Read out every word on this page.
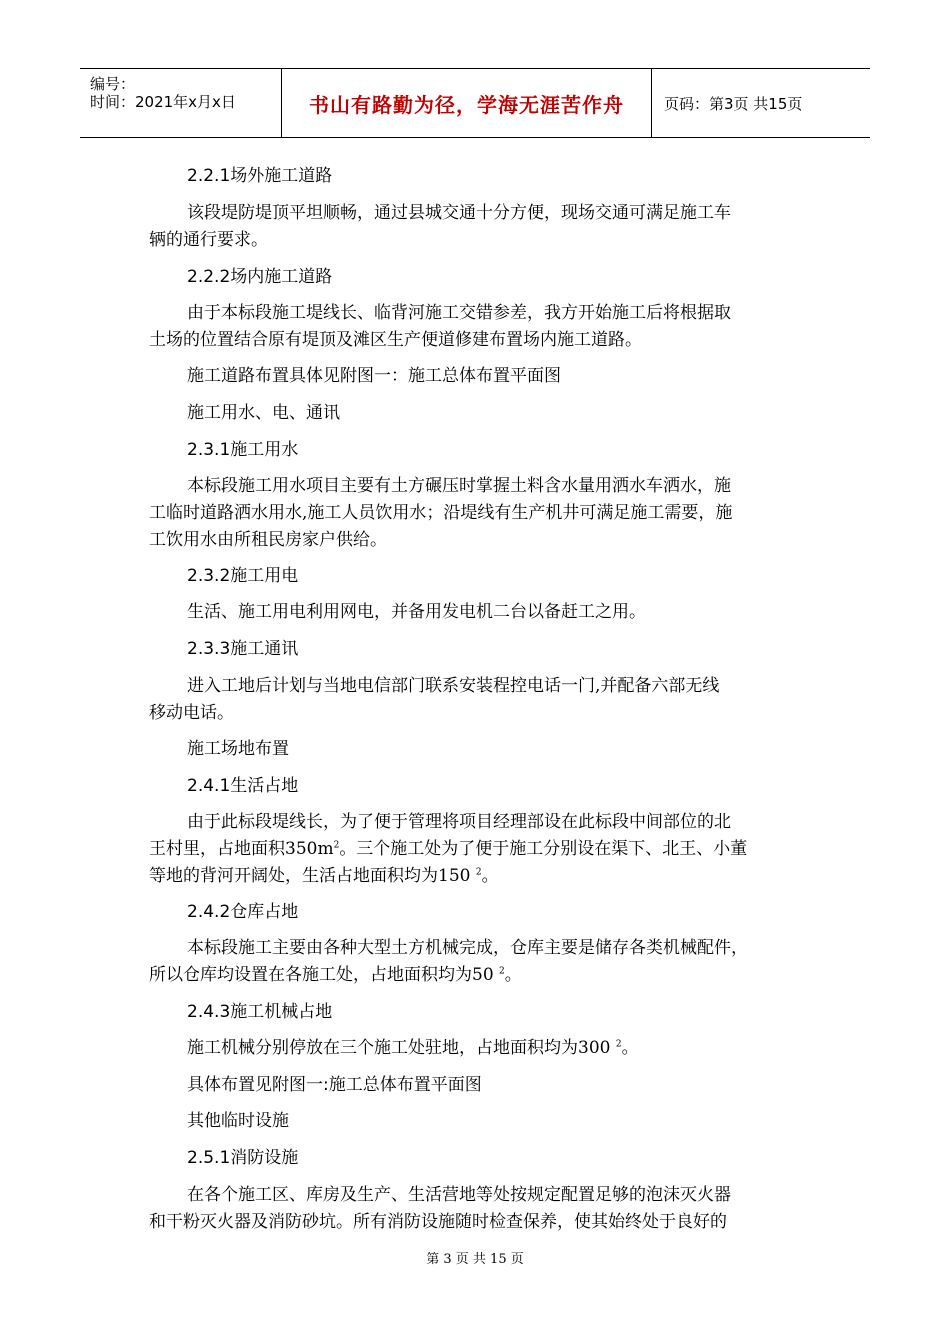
编号：
时间：2021年x月x日	书山有路勤为径，学海无涯苦作舟	页码：第3页 共15页
2.2.1场外施工道路
该段堤防堤顶平坦顺畅，通过县城交通十分方便，现场交通可满足施工车
辆的通行要求。
2.2.2场内施工道路
由于本标段施工堤线长、临背河施工交错参差，我方开始施工后将根据取
土场的位置结合原有堤顶及滩区生产便道修建布置场内施工道路。
施工道路布置具体见附图一：施工总体布置平面图
施工用水、电、通讯
2.3.1施工用水
本标段施工用水项目主要有土方碾压时掌握土料含水量用洒水车洒水，施
工临时道路洒水用水,施工人员饮用水；沿堤线有生产机井可满足施工需要，施
工饮用水由所租民房家户供给。
2.3.2施工用电
生活、施工用电利用网电，并备用发电机二台以备赶工之用。
2.3.3施工通讯
进入工地后计划与当地电信部门联系安装程控电话一门,并配备六部无线
移动电话。
施工场地布置
2.4.1生活占地
由于此标段堤线长，为了便于管理将项目经理部设在此标段中间部位的北
王村里，占地面积$350m^2$。三个施工处为了便于施工分别设在渠下、北王、小董
等地的背河开阔处，生活占地面积均为150 $^2$。
2.4.2仓库占地
本标段施工主要由各种大型土方机械完成，仓库主要是储存各类机械配件，
所以仓库均设置在各施工处，占地面积均为50 $^2$。
2.4.3施工机械占地
施工机械分别停放在三个施工处驻地，占地面积均为300 $^2$。
具体布置见附图一:施工总体布置平面图
其他临时设施
2.5.1消防设施
在各个施工区、库房及生产、生活营地等处按规定配置足够的泡沫灭火器
和干粉灭火器及消防砂坑。所有消防设施随时检查保养，使其始终处于良好的
第 3 页 共 15 页
